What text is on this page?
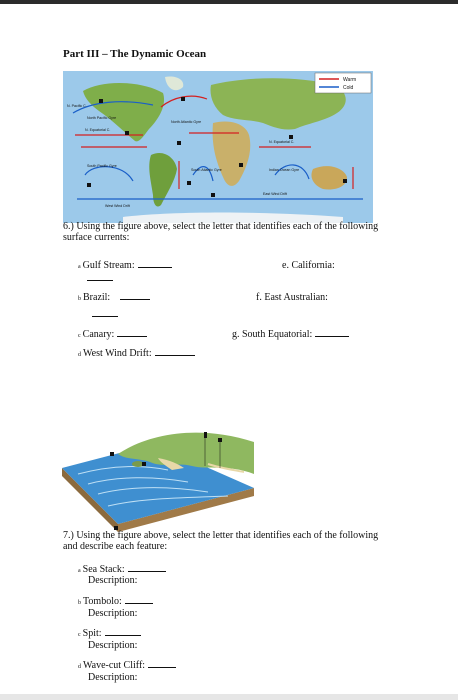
Part III – The Dynamic Ocean
Warm
Cold
N. Pacific C.
North Pacific Gyre
N. Equatorial C.
North Atlantic Gyre
N. Equatorial C.
South Pacific Gyre
South Atlantic Gyre	Indian Ocean Gyre
East Wind Drift
West Wind Drift
6.) Using the figure above, select the letter that identifies each of the following surface currents:
a Gulf Stream:	e. California:
b Brazil:	f. East Australian:
c Canary:	g. South Equatorial:
d West Wind Drift:
7.) Using the figure above, select the letter that identifies each of the following and describe each feature:
a Sea Stack:
Description:
b Tombolo:
Description:
c Spit:
Description:
d Wave-cut Cliff:
Description:
